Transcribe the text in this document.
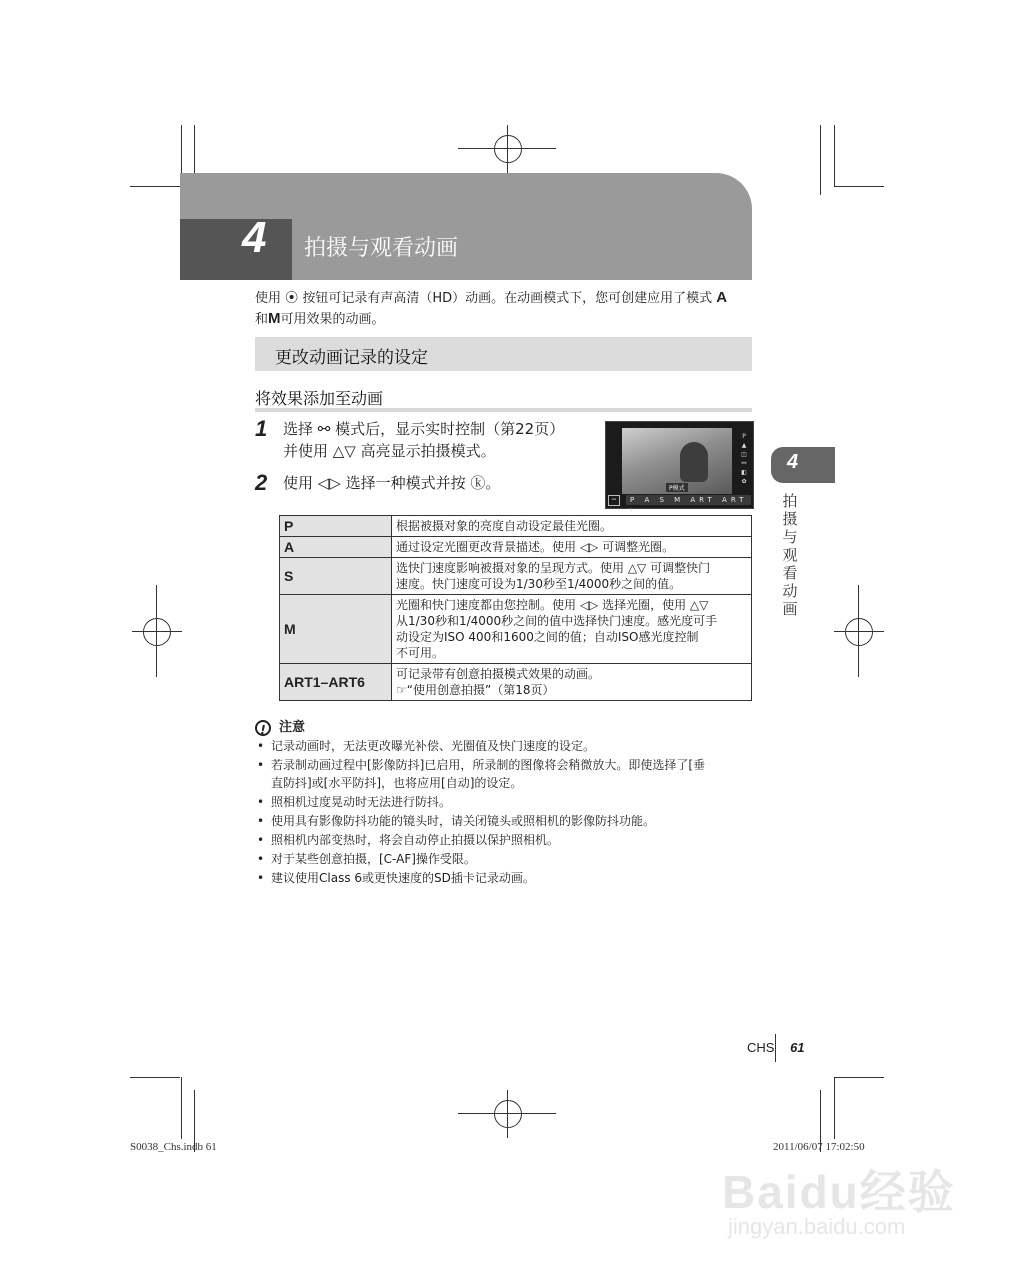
4 拍摄与观看动画
使用 ⦿ 按钮可记录有声高清（HD）动画。在动画模式下，您可创建应用了模式 A
和M可用效果的动画。
更改动画记录的设定
将效果添加至动画
1 选择 ⚯ 模式后，显示实时控制（第22页）
并使用 △▽ 高亮显示拍摄模式。
2 使用 ◁▷ 选择一种模式并按 ⓚ。	P模式
P
▲
◫
⚯
◧
✿
⚯	P A S M ART ART ▸
P	根据被摄对象的亮度自动设定最佳光圈。

A	通过设定光圈更改背景描述。使用 ◁▷ 可调整光圈。

S	选快门速度影响被摄对象的呈现方式。使用 △▽ 可调整快门
速度。快门速度可设为1/30秒至1/4000秒之间的值。

M	光圈和快门速度都由您控制。使用 ◁▷ 选择光圈，使用 △▽
从1/30秒和1/4000秒之间的值中选择快门速度。感光度可手
动设定为ISO 400和1600之间的值；自动ISO感光度控制
不可用。

ART1–ART6	可记录带有创意拍摄模式效果的动画。
☞“使用创意拍摄”（第18页）
! 注意
• 记录动画时，无法更改曝光补偿、光圈值及快门速度的设定。
• 若录制动画过程中[影像防抖]已启用，所录制的图像将会稍微放大。即使选择了[垂
直防抖]或[水平防抖]，也将应用[自动]的设定。
• 照相机过度晃动时无法进行防抖。
• 使用具有影像防抖功能的镜头时，请关闭镜头或照相机的影像防抖功能。
• 照相机内部变热时，将会自动停止拍摄以保护照相机。
• 对于某些创意拍摄，[C-AF]操作受限。
• 建议使用Class 6或更快速度的SD插卡记录动画。
4
拍
摄
与
观
看
动
画
CHS 61
S0038_Chs.indb 61	2011/06/07 17:02:50
Baidu经验
jingyan.baidu.com
